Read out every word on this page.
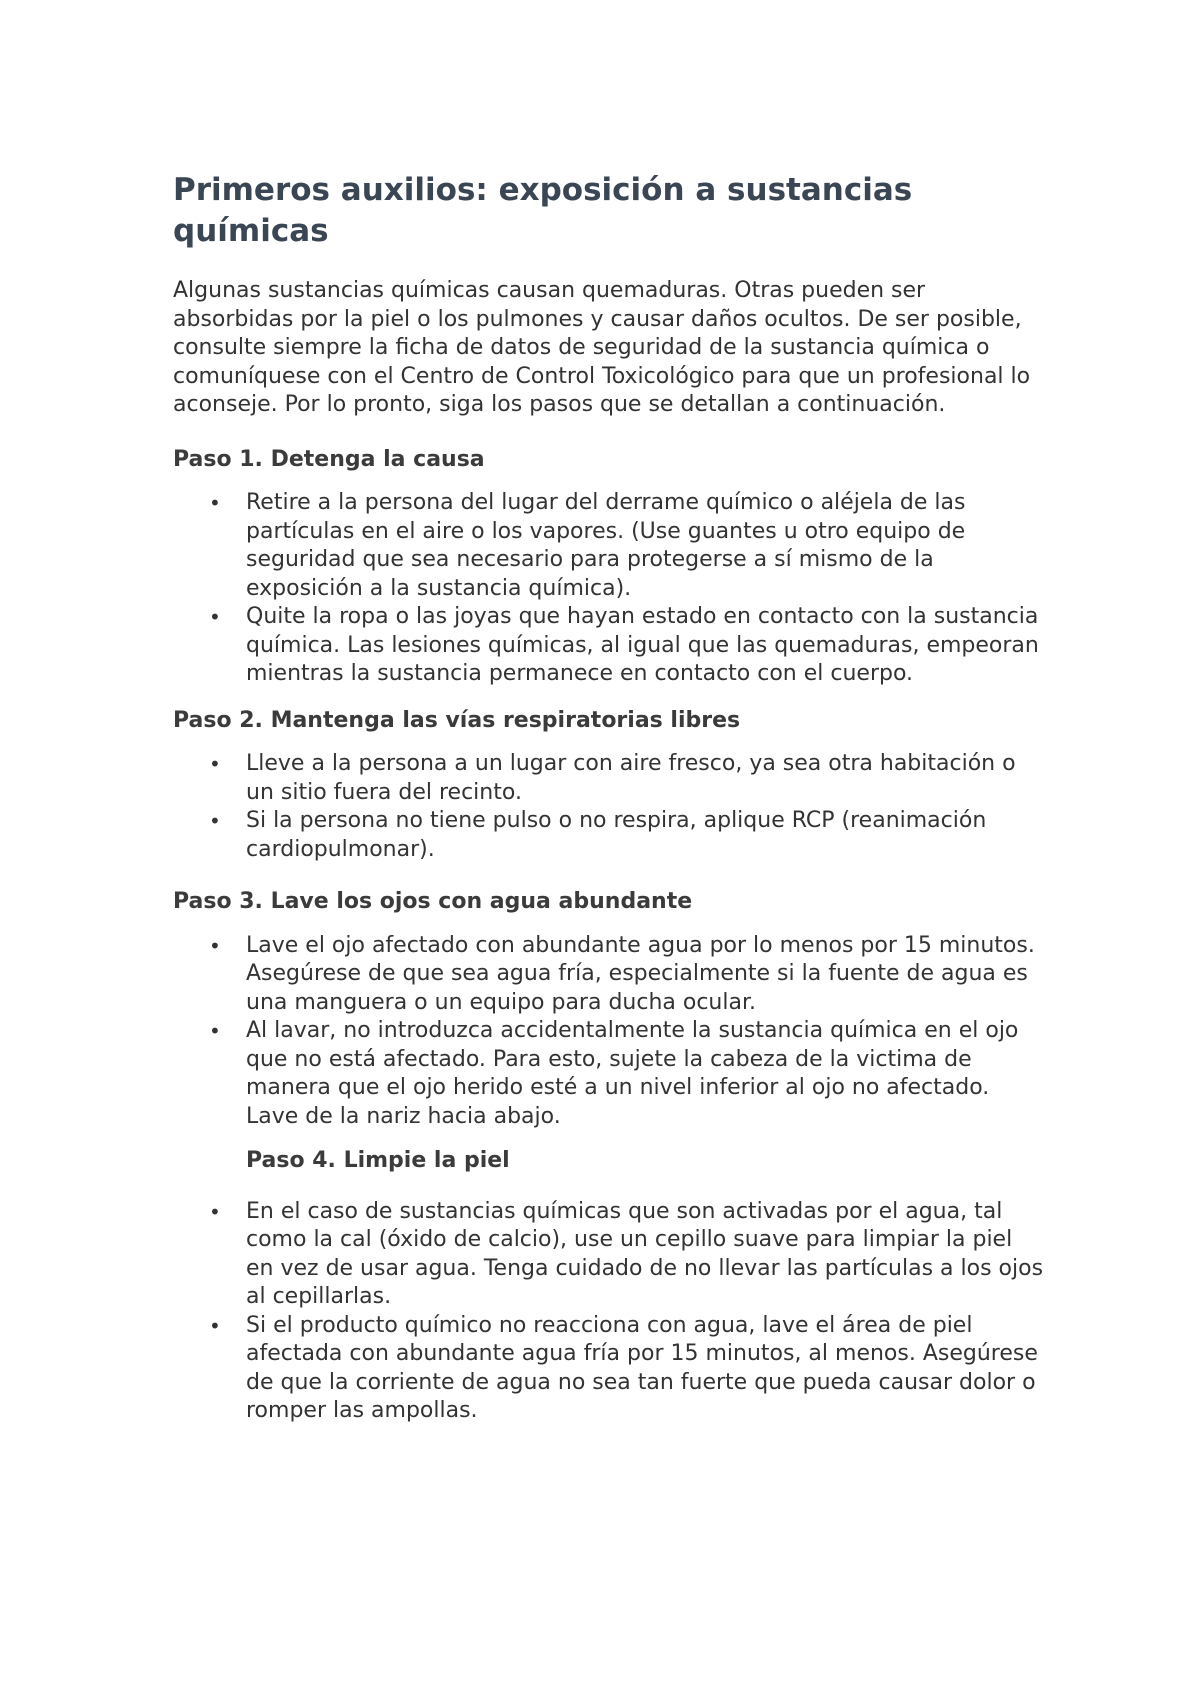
Primeros auxilios: exposición a sustancias químicas

Algunas sustancias químicas causan quemaduras. Otras pueden ser absorbidas por la piel o los pulmones y causar daños ocultos. De ser posible, consulte siempre la ficha de datos de seguridad de la sustancia química o comuníquese con el Centro de Control Toxicológico para que un profesional lo aconseje. Por lo pronto, siga los pasos que se detallan a continuación.

Paso 1. Detenga la causa
• Retire a la persona del lugar del derrame químico o aléjela de las partículas en el aire o los vapores. (Use guantes u otro equipo de seguridad que sea necesario para protegerse a sí mismo de la exposición a la sustancia química).
• Quite la ropa o las joyas que hayan estado en contacto con la sustancia química. Las lesiones químicas, al igual que las quemaduras, empeoran mientras la sustancia permanece en contacto con el cuerpo.
Paso 2. Mantenga las vías respiratorias libres
• Lleve a la persona a un lugar con aire fresco, ya sea otra habitación o un sitio fuera del recinto.
• Si la persona no tiene pulso o no respira, aplique RCP (reanimación cardiopulmonar).
Paso 3. Lave los ojos con agua abundante
• Lave el ojo afectado con abundante agua por lo menos por 15 minutos. Asegúrese de que sea agua fría, especialmente si la fuente de agua es una manguera o un equipo para ducha ocular.
• Al lavar, no introduzca accidentalmente la sustancia química en el ojo que no está afectado. Para esto, sujete la cabeza de la victima de manera que el ojo herido esté a un nivel inferior al ojo no afectado. Lave de la nariz hacia abajo.
Paso 4. Limpie la piel
• En el caso de sustancias químicas que son activadas por el agua, tal como la cal (óxido de calcio), use un cepillo suave para limpiar la piel en vez de usar agua. Tenga cuidado de no llevar las partículas a los ojos al cepillarlas.
• Si el producto químico no reacciona con agua, lave el área de piel afectada con abundante agua fría por 15 minutos, al menos. Asegúrese de que la corriente de agua no sea tan fuerte que pueda causar dolor o romper las ampollas.
